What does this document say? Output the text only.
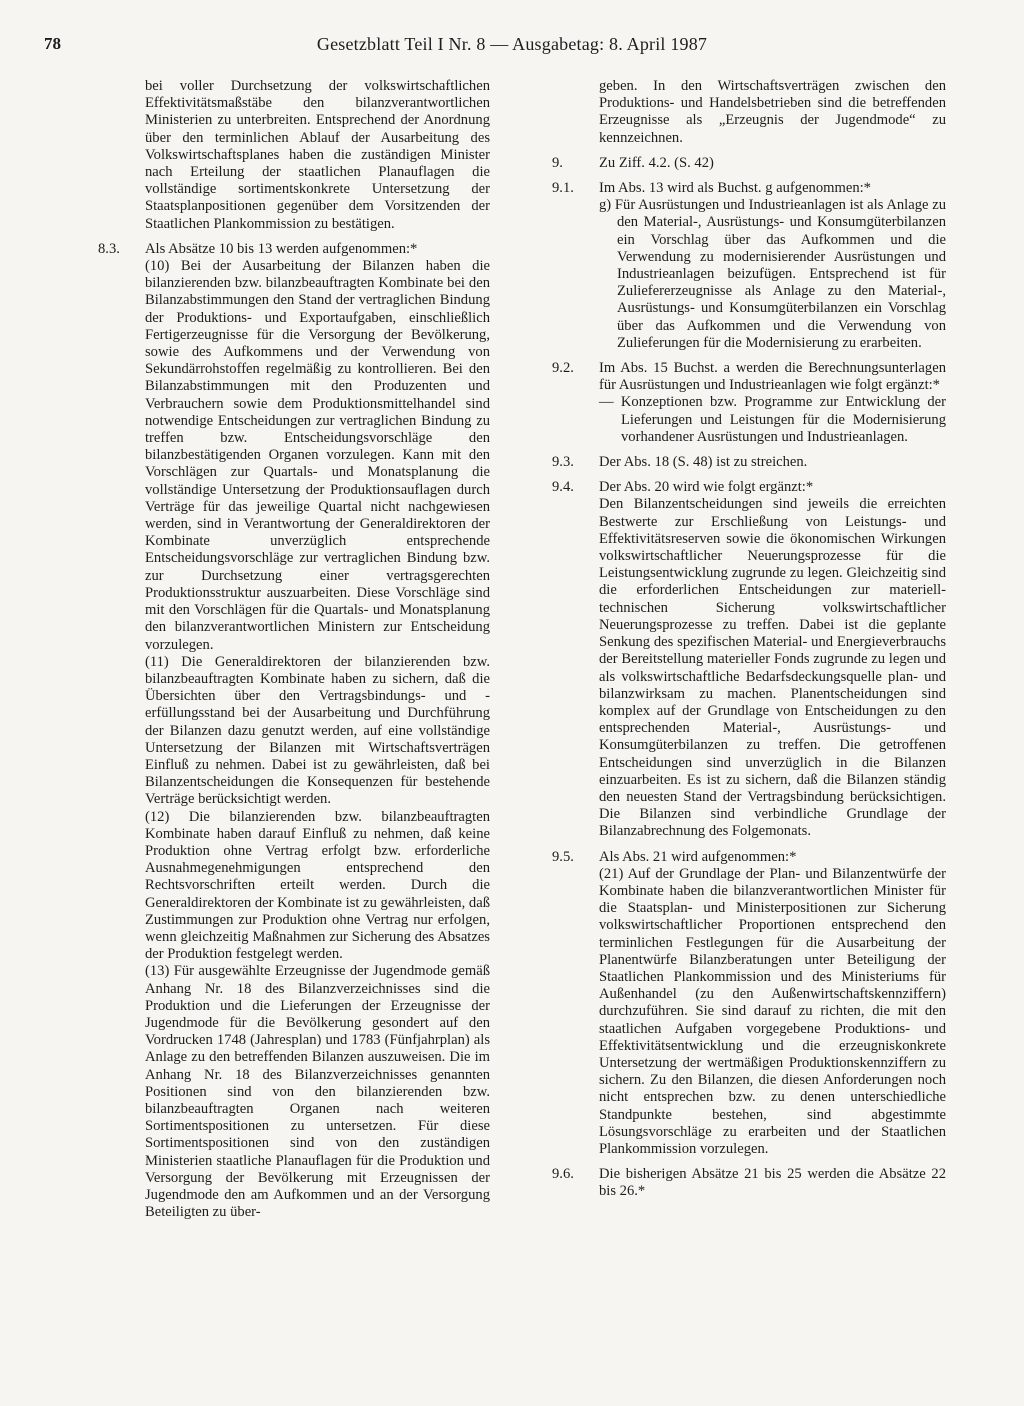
78	Gesetzblatt Teil I Nr. 8 — Ausgabetag: 8. April 1987

bei voller Durchsetzung der volkswirtschaftlichen Effektivitätsmaßstäbe den bilanzverantwortlichen Ministerien zu unterbreiten. Entsprechend der Anordnung über den terminlichen Ablauf der Ausarbeitung des Volkswirtschaftsplanes haben die zuständigen Minister nach Erteilung der staatlichen Planauflagen die vollständige sortimentskonkrete Untersetzung der Staatsplanpositionen gegenüber dem Vorsitzenden der Staatlichen Plankommission zu bestätigen.

8.3. Als Absätze 10 bis 13 werden aufgenommen:*

(10) Bei der Ausarbeitung der Bilanzen haben die bilanzierenden bzw. bilanzbeauftragten Kombinate bei den Bilanzabstimmungen den Stand der vertraglichen Bindung der Produktions- und Exportaufgaben, einschließlich Fertigerzeugnisse für die Versorgung der Bevölkerung, sowie des Aufkommens und der Verwendung von Sekundärrohstoffen regelmäßig zu kontrollieren. Bei den Bilanzabstimmungen mit den Produzenten und Verbrauchern sowie dem Produktionsmittelhandel sind notwendige Entscheidungen zur vertraglichen Bindung zu treffen bzw. Entscheidungsvorschläge den bilanzbestätigenden Organen vorzulegen. Kann mit den Vorschlägen zur Quartals- und Monatsplanung die vollständige Untersetzung der Produktionsauflagen durch Verträge für das jeweilige Quartal nicht nachgewiesen werden, sind in Verantwortung der Generaldirektoren der Kombinate unverzüglich entsprechende Entscheidungsvorschläge zur vertraglichen Bindung bzw. zur Durchsetzung einer vertragsgerechten Produktionsstruktur auszuarbeiten. Diese Vorschläge sind mit den Vorschlägen für die Quartals- und Monatsplanung den bilanzverantwortlichen Ministern zur Entscheidung vorzulegen.

(11) Die Generaldirektoren der bilanzierenden bzw. bilanzbeauftragten Kombinate haben zu sichern, daß die Übersichten über den Vertragsbindungs- und -erfüllungsstand bei der Ausarbeitung und Durchführung der Bilanzen dazu genutzt werden, auf eine vollständige Untersetzung der Bilanzen mit Wirtschaftsverträgen Einfluß zu nehmen. Dabei ist zu gewährleisten, daß bei Bilanzentscheidungen die Konsequenzen für bestehende Verträge berücksichtigt werden.

(12) Die bilanzierenden bzw. bilanzbeauftragten Kombinate haben darauf Einfluß zu nehmen, daß keine Produktion ohne Vertrag erfolgt bzw. erforderliche Ausnahmegenehmigungen entsprechend den Rechtsvorschriften erteilt werden. Durch die Generaldirektoren der Kombinate ist zu gewährleisten, daß Zustimmungen zur Produktion ohne Vertrag nur erfolgen, wenn gleichzeitig Maßnahmen zur Sicherung des Absatzes der Produktion festgelegt werden.

(13) Für ausgewählte Erzeugnisse der Jugendmode gemäß Anhang Nr. 18 des Bilanzverzeichnisses sind die Produktion und die Lieferungen der Erzeugnisse der Jugendmode für die Bevölkerung gesondert auf den Vordrucken 1748 (Jahresplan) und 1783 (Fünfjahrplan) als Anlage zu den betreffenden Bilanzen auszuweisen. Die im Anhang Nr. 18 des Bilanzverzeichnisses genannten Positionen sind von den bilanzierenden bzw. bilanzbeauftragten Organen nach weiteren Sortimentspositionen zu untersetzen. Für diese Sortimentspositionen sind von den zuständigen Ministerien staatliche Planauflagen für die Produktion und Versorgung der Bevölkerung mit Erzeugnissen der Jugendmode den am Aufkommen und an der Versorgung Beteiligten zu über-

geben. In den Wirtschaftsverträgen zwischen den Produktions- und Handelsbetrieben sind die betreffenden Erzeugnisse als „Erzeugnis der Jugendmode“ zu kennzeichnen.

9. Zu Ziff. 4.2. (S. 42)

9.1. Im Abs. 13 wird als Buchst. g aufgenommen:*

g) Für Ausrüstungen und Industrieanlagen ist als Anlage zu den Material-, Ausrüstungs- und Konsumgüterbilanzen ein Vorschlag über das Aufkommen und die Verwendung zu modernisierender Ausrüstungen und Industrieanlagen beizufügen. Entsprechend ist für Zuliefererzeugnisse als Anlage zu den Material-, Ausrüstungs- und Konsumgüterbilanzen ein Vorschlag über das Aufkommen und die Verwendung von Zulieferungen für die Modernisierung zu erarbeiten.

9.2. Im Abs. 15 Buchst. a werden die Berechnungsunterlagen für Ausrüstungen und Industrieanlagen wie folgt ergänzt:*

— Konzeptionen bzw. Programme zur Entwicklung der Lieferungen und Leistungen für die Modernisierung vorhandener Ausrüstungen und Industrieanlagen.

9.3. Der Abs. 18 (S. 48) ist zu streichen.

9.4. Der Abs. 20 wird wie folgt ergänzt:*

Den Bilanzentscheidungen sind jeweils die erreichten Bestwerte zur Erschließung von Leistungs- und Effektivitätsreserven sowie die ökonomischen Wirkungen volkswirtschaftlicher Neuerungsprozesse für die Leistungsentwicklung zugrunde zu legen. Gleichzeitig sind die erforderlichen Entscheidungen zur materiell-technischen Sicherung volkswirtschaftlicher Neuerungsprozesse zu treffen. Dabei ist die geplante Senkung des spezifischen Material- und Energieverbrauchs der Bereitstellung materieller Fonds zugrunde zu legen und als volkswirtschaftliche Bedarfsdeckungsquelle plan- und bilanzwirksam zu machen. Planentscheidungen sind komplex auf der Grundlage von Entscheidungen zu den entsprechenden Material-, Ausrüstungs- und Konsumgüterbilanzen zu treffen. Die getroffenen Entscheidungen sind unverzüglich in die Bilanzen einzuarbeiten. Es ist zu sichern, daß die Bilanzen ständig den neuesten Stand der Vertragsbindung berücksichtigen. Die Bilanzen sind verbindliche Grundlage der Bilanzabrechnung des Folgemonats.

9.5. Als Abs. 21 wird aufgenommen:*

(21) Auf der Grundlage der Plan- und Bilanzentwürfe der Kombinate haben die bilanzverantwortlichen Minister für die Staatsplan- und Ministerpositionen zur Sicherung volkswirtschaftlicher Proportionen entsprechend den terminlichen Festlegungen für die Ausarbeitung der Planentwürfe Bilanzberatungen unter Beteiligung der Staatlichen Plankommission und des Ministeriums für Außenhandel (zu den Außenwirtschaftskennziffern) durchzuführen. Sie sind darauf zu richten, die mit den staatlichen Aufgaben vorgegebene Produktions- und Effektivitätsentwicklung und die erzeugniskonkrete Untersetzung der wertmäßigen Produktionskennziffern zu sichern. Zu den Bilanzen, die diesen Anforderungen noch nicht entsprechen bzw. zu denen unterschiedliche Standpunkte bestehen, sind abgestimmte Lösungsvorschläge zu erarbeiten und der Staatlichen Plankommission vorzulegen.

9.6. Die bisherigen Absätze 21 bis 25 werden die Absätze 22 bis 26.*
